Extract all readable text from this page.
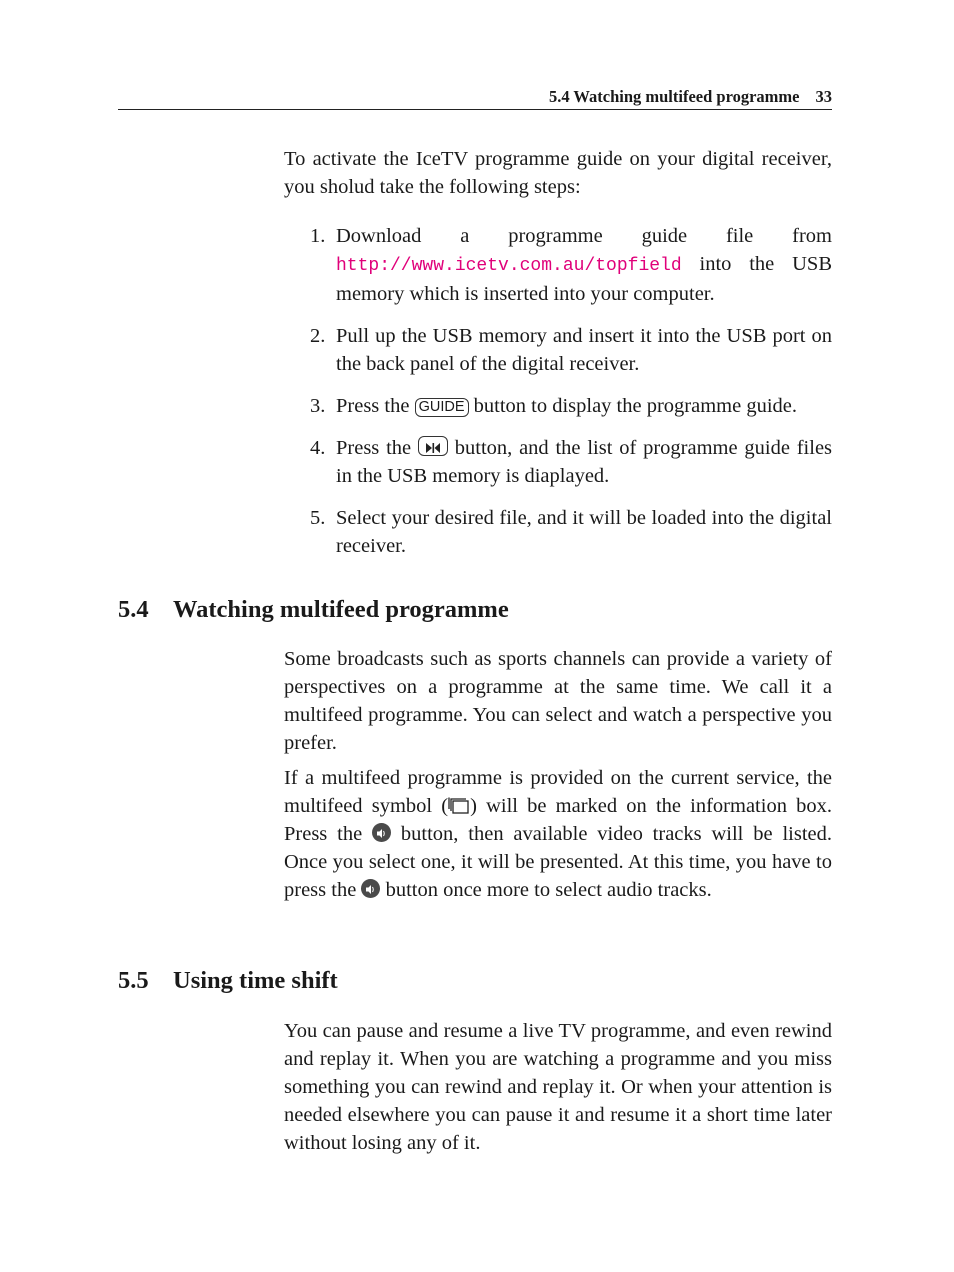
5.4 Watching multifeed programme 33

To activate the IceTV programme guide on your digital receiver, you sholud take the following steps:

1. Download a programme guide file from http://www.icetv.com.au/topfield into the USB memory which is inserted into your computer.
2. Pull up the USB memory and insert it into the USB port on the back panel of the digital receiver.
3. Press the GUIDE button to display the programme guide.
4. Press the button, and the list of programme guide files in the USB memory is diaplayed.
5. Select your desired file, and it will be loaded into the digital receiver.
5.4 Watching multifeed programme

Some broadcasts such as sports channels can provide a variety of perspectives on a programme at the same time. We call it a multifeed programme. You can select and watch a perspective you prefer.

If a multifeed programme is provided on the current service, the multifeed symbol ( ) will be marked on the information box. Press the button, then available video tracks will be listed. Once you select one, it will be presented. At this time, you have to press the button once more to select audio tracks.

5.5 Using time shift

You can pause and resume a live TV programme, and even rewind and replay it. When you are watching a programme and you miss something you can rewind and replay it. Or when your attention is needed elsewhere you can pause it and resume it a short time later without losing any of it.
